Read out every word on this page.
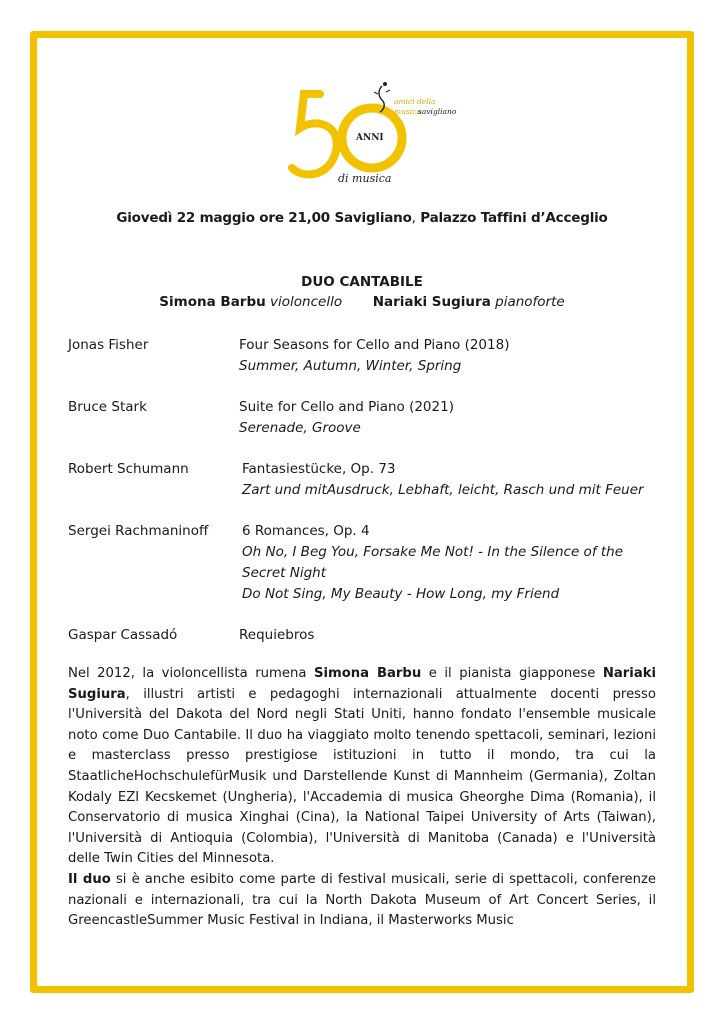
ANNI
amici della
musica
savigliano
di musica
Giovedì 22 maggio ore 21,00 Savigliano, Palazzo Taffini d’Acceglio
DUO CANTABILE
Simona Barbu violoncello Nariaki Sugiura pianoforte
Jonas Fisher	Four Seasons for Cello and Piano (2018)
Summer, Autumn, Winter, Spring
Bruce Stark	Suite for Cello and Piano (2021)
Serenade, Groove
Robert Schumann	Fantasiestücke, Op. 73
Zart und mitAusdruck, Lebhaft, leicht, Rasch und mit Feuer
Sergei Rachmaninoff 6 Romances, Op. 4
Oh No, I Beg You, Forsake Me Not! - In the Silence of the
Secret Night
Do Not Sing, My Beauty - How Long, my Friend
Gaspar Cassadó	Requiebros

Nel 2012, la violoncellista rumena Simona Barbu e il pianista giapponese Nariaki Sugiura, illustri artisti e pedagoghi internazionali attualmente docenti presso l'Università del Dakota del Nord negli Stati Uniti, hanno fondato l'ensemble musicale noto come Duo Cantabile. Il duo ha viaggiato molto tenendo spettacoli, seminari, lezioni e masterclass presso prestigiose istituzioni in tutto il mondo, tra cui la StaatlicheHochschulefürMusik und Darstellende Kunst di Mannheim (Germania), Zoltan Kodaly EZI Kecskemet (Ungheria), l'Accademia di musica Gheorghe Dima (Romania), il Conservatorio di musica Xinghai (Cina), la National Taipei University of Arts (Taiwan), l'Università di Antioquia (Colombia), l'Università di Manitoba (Canada) e l'Università delle Twin Cities del Minnesota.

Il duo si è anche esibito come parte di festival musicali, serie di spettacoli, conferenze nazionali e internazionali, tra cui la North Dakota Museum of Art Concert Series, il GreencastleSummer Music Festival in Indiana, il Masterworks Music
